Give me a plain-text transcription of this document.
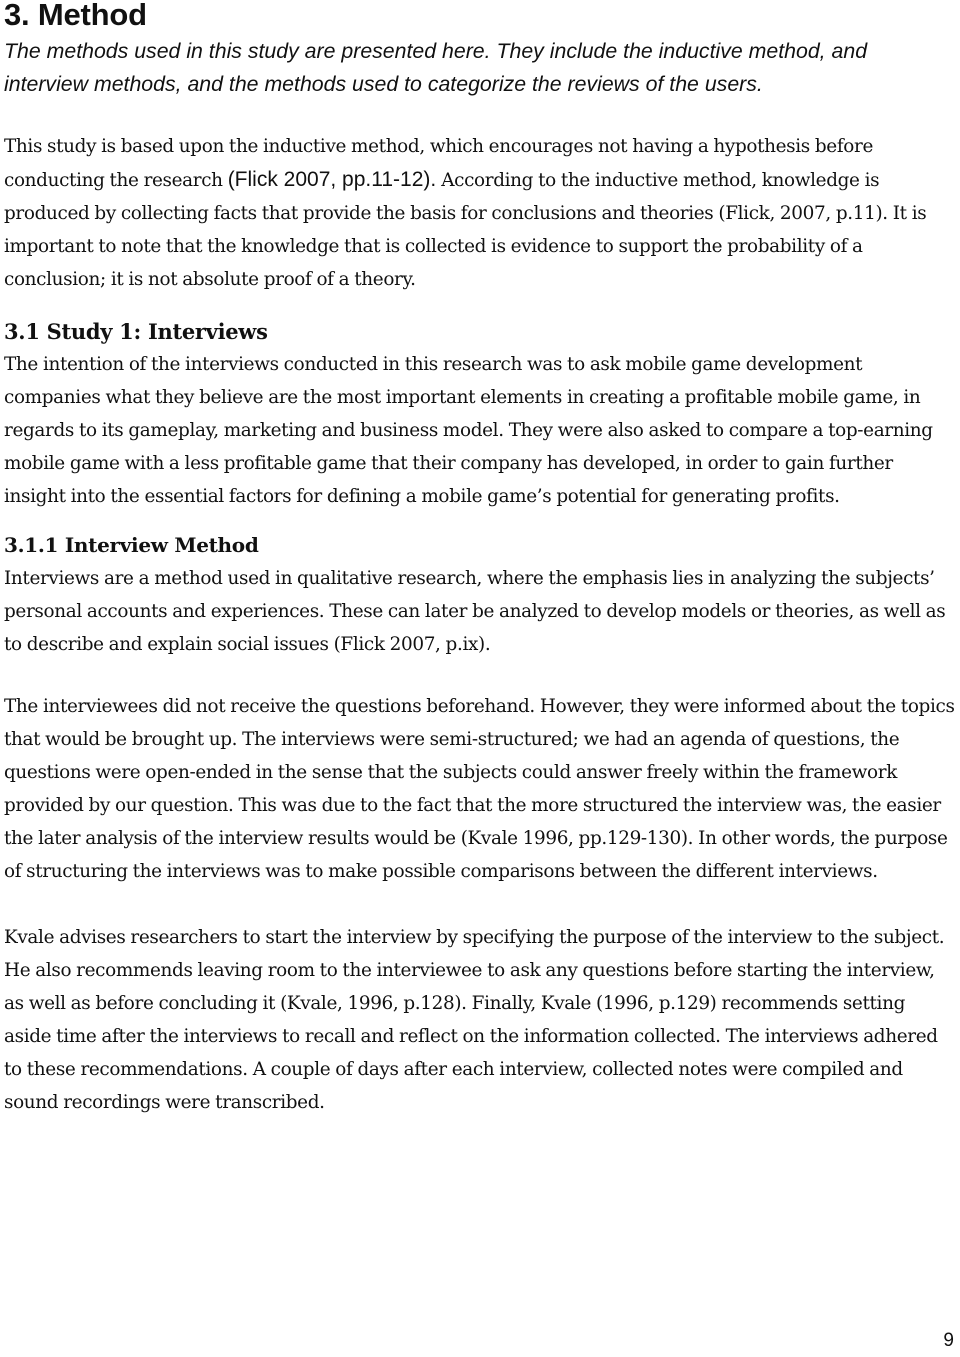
3. Method

The methods used in this study are presented here. They include the inductive method, and interview methods, and the methods used to categorize the reviews of the users.

This study is based upon the inductive method, which encourages not having a hypothesis before conducting the research (Flick 2007, pp.11-12). According to the inductive method, knowledge is produced by collecting facts that provide the basis for conclusions and theories (Flick, 2007, p.11). It is important to note that the knowledge that is collected is evidence to support the probability of a conclusion; it is not absolute proof of a theory.

3.1 Study 1: Interviews

The intention of the interviews conducted in this research was to ask mobile game development companies what they believe are the most important elements in creating a profitable mobile game, in regards to its gameplay, marketing and business model. They were also asked to compare a top-earning mobile game with a less profitable game that their company has developed, in order to gain further insight into the essential factors for defining a mobile game’s potential for generating profits.

3.1.1 Interview Method

Interviews are a method used in qualitative research, where the emphasis lies in analyzing the subjects’ personal accounts and experiences. These can later be analyzed to develop models or theories, as well as to describe and explain social issues (Flick 2007, p.ix).

The interviewees did not receive the questions beforehand. However, they were informed about the topics that would be brought up. The interviews were semi-structured; we had an agenda of questions, the questions were open-ended in the sense that the subjects could answer freely within the framework provided by our question. This was due to the fact that the more structured the interview was, the easier the later analysis of the interview results would be (Kvale 1996, pp.129-130). In other words, the purpose of structuring the interviews was to make possible comparisons between the different interviews.

Kvale advises researchers to start the interview by specifying the purpose of the interview to the subject. He also recommends leaving room to the interviewee to ask any questions before starting the interview, as well as before concluding it (Kvale, 1996, p.128). Finally, Kvale (1996, p.129) recommends setting aside time after the interviews to recall and reflect on the information collected. The interviews adhered to these recommendations. A couple of days after each interview, collected notes were compiled and sound recordings were transcribed.

9
